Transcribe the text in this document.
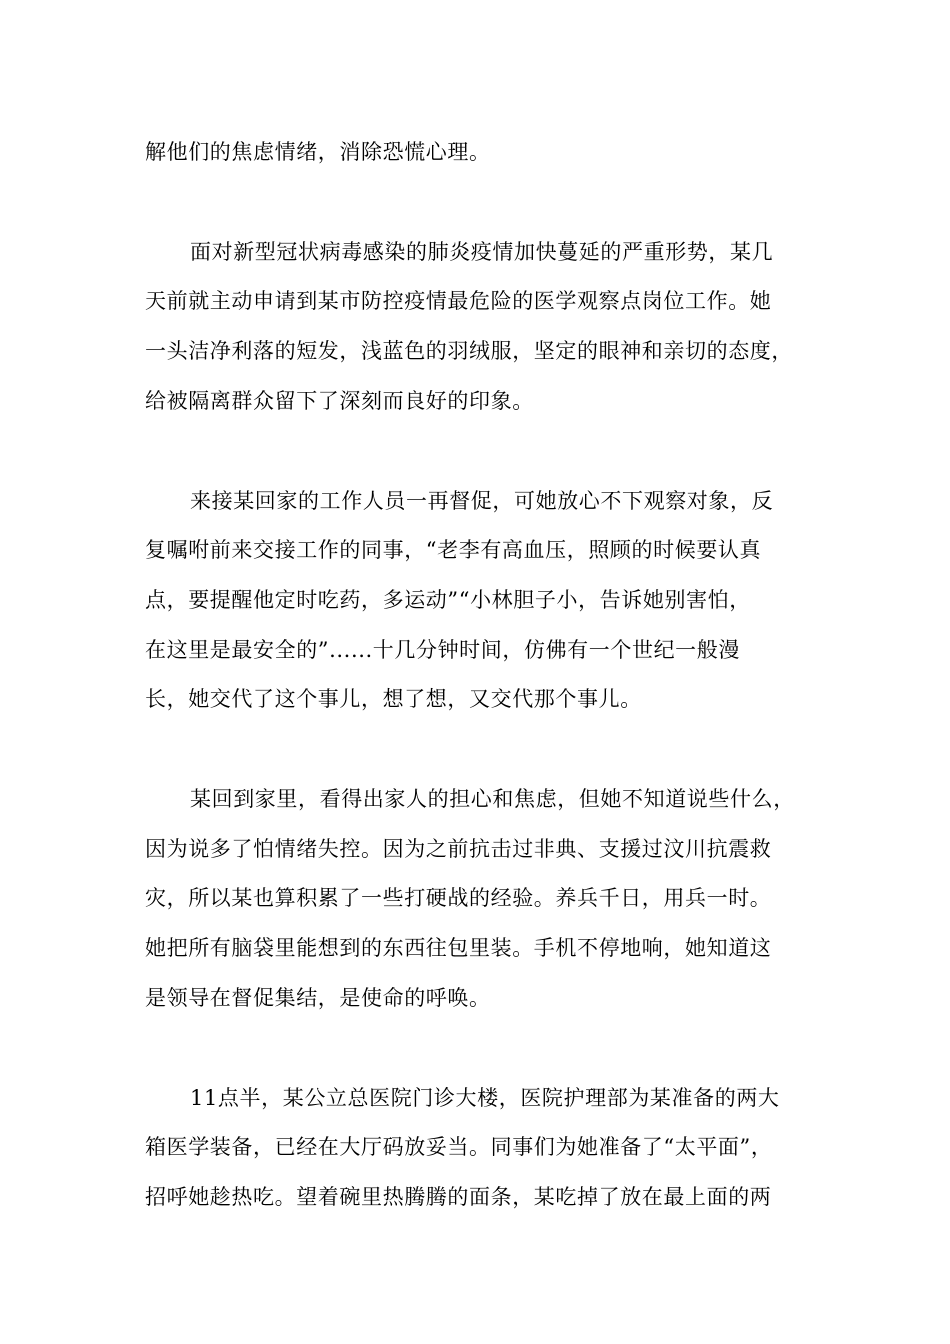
解他们的焦虑情绪，消除恐慌心理。
面对新型冠状病毒感染的肺炎疫情加快蔓延的严重形势，某几
天前就主动申请到某市防控疫情最危险的医学观察点岗位工作。她
一头洁净利落的短发，浅蓝色的羽绒服，坚定的眼神和亲切的态度，
给被隔离群众留下了深刻而良好的印象。
来接某回家的工作人员一再督促，可她放心不下观察对象，反
复嘱咐前来交接工作的同事，“老李有高血压，照顾的时候要认真
点，要提醒他定时吃药，多运动”“小林胆子小，告诉她别害怕，
在这里是最安全的”......十几分钟时间，仿佛有一个世纪一般漫
长，她交代了这个事儿，想了想，又交代那个事儿。
某回到家里，看得出家人的担心和焦虑，但她不知道说些什么，
因为说多了怕情绪失控。因为之前抗击过非典、支援过汶川抗震救
灾，所以某也算积累了一些打硬战的经验。养兵千日，用兵一时。
她把所有脑袋里能想到的东西往包里装。手机不停地响，她知道这
是领导在督促集结，是使命的呼唤。
11点半，某公立总医院门诊大楼，医院护理部为某准备的两大
箱医学装备，已经在大厅码放妥当。同事们为她准备了“太平面”，
招呼她趁热吃。望着碗里热腾腾的面条，某吃掉了放在最上面的两
